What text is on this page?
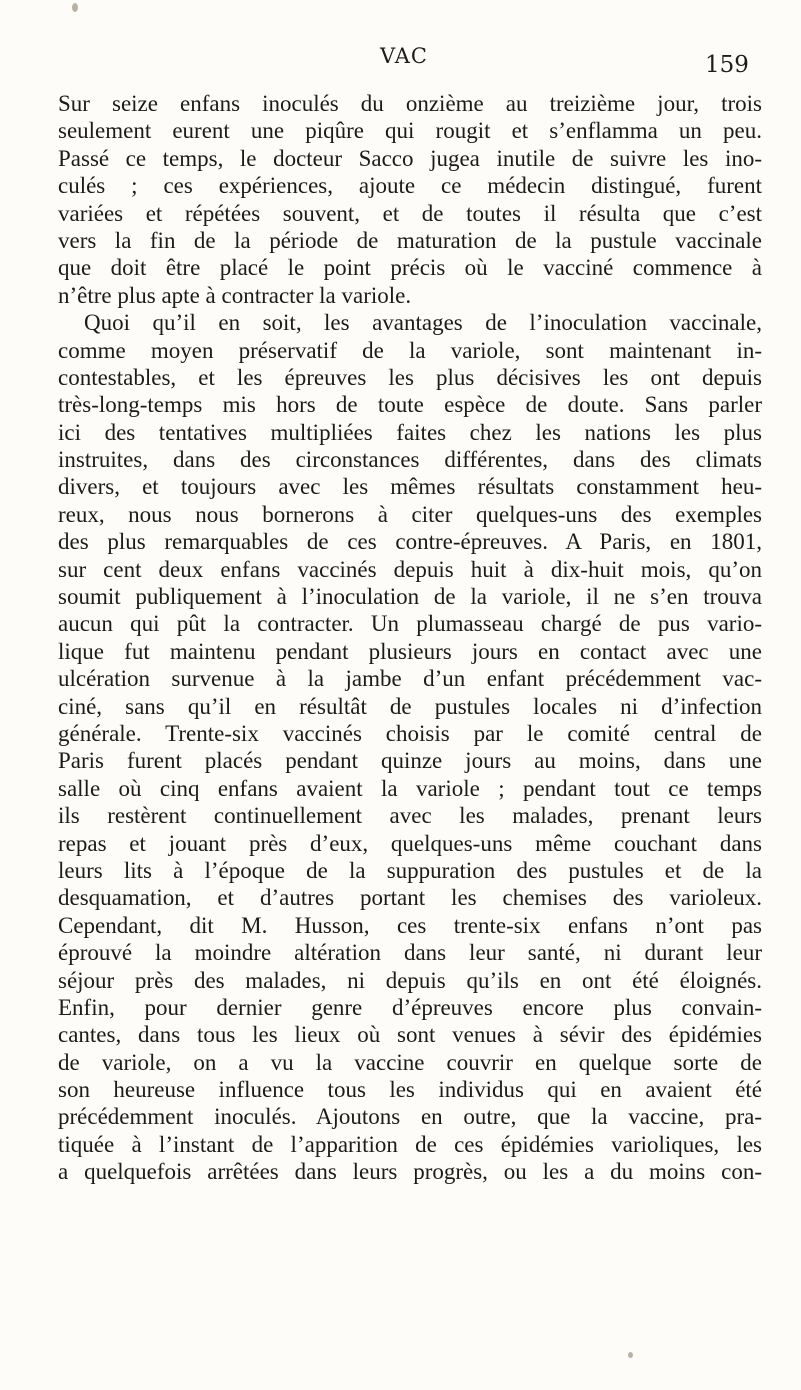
VAC	159
Sur seize enfans inoculés du onzième au treizième jour, trois
seulement eurent une piqûre qui rougit et s’enflamma un peu.
Passé ce temps, le docteur Sacco jugea inutile de suivre les ino-
culés ; ces expériences, ajoute ce médecin distingué, furent
variées et répétées souvent, et de toutes il résulta que c’est
vers la fin de la période de maturation de la pustule vaccinale
que doit être placé le point précis où le vacciné commence à
n’être plus apte à contracter la variole.
Quoi qu’il en soit, les avantages de l’inoculation vaccinale,
comme moyen préservatif de la variole, sont maintenant in-
contestables, et les épreuves les plus décisives les ont depuis
très-long-temps mis hors de toute espèce de doute. Sans parler
ici des tentatives multipliées faites chez les nations les plus
instruites, dans des circonstances différentes, dans des climats
divers, et toujours avec les mêmes résultats constamment heu-
reux, nous nous bornerons à citer quelques-uns des exemples
des plus remarquables de ces contre-épreuves. A Paris, en 1801,
sur cent deux enfans vaccinés depuis huit à dix-huit mois, qu’on
soumit publiquement à l’inoculation de la variole, il ne s’en trouva
aucun qui pût la contracter. Un plumasseau chargé de pus vario-
lique fut maintenu pendant plusieurs jours en contact avec une
ulcération survenue à la jambe d’un enfant précédemment vac-
ciné, sans qu’il en résultât de pustules locales ni d’infection
générale. Trente-six vaccinés choisis par le comité central de
Paris furent placés pendant quinze jours au moins, dans une
salle où cinq enfans avaient la variole ; pendant tout ce temps
ils restèrent continuellement avec les malades, prenant leurs
repas et jouant près d’eux, quelques-uns même couchant dans
leurs lits à l’époque de la suppuration des pustules et de la
desquamation, et d’autres portant les chemises des varioleux.
Cependant, dit M. Husson, ces trente-six enfans n’ont pas
éprouvé la moindre altération dans leur santé, ni durant leur
séjour près des malades, ni depuis qu’ils en ont été éloignés.
Enfin, pour dernier genre d’épreuves encore plus convain-
cantes, dans tous les lieux où sont venues à sévir des épidémies
de variole, on a vu la vaccine couvrir en quelque sorte de
son heureuse influence tous les individus qui en avaient été
précédemment inoculés. Ajoutons en outre, que la vaccine, pra-
tiquée à l’instant de l’apparition de ces épidémies varioliques, les
a quelquefois arrêtées dans leurs progrès, ou les a du moins con-
